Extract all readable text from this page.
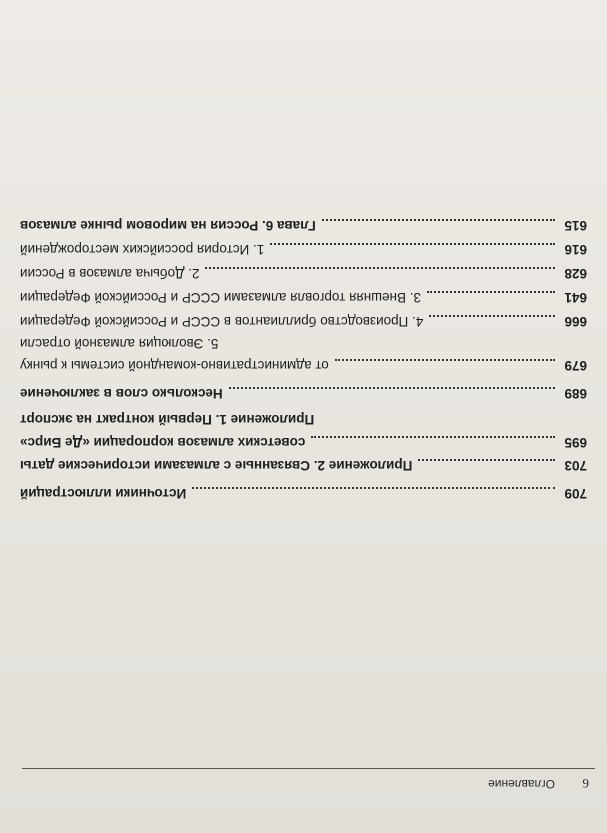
6
Оглавление
Глава 6. Россия на мировом рынке алмазов	615
1. История российских месторождений	616
2. Добыча алмазов в России	628
3. Внешняя торговля алмазами СССР и Российской Федерации	641
4. Производство бриллиантов в СССР и Российской Федерации	666
5. Эволюция алмазной отрасли
от административно-командной системы к рынку	679
Несколько слов в заключение	689
Приложение 1. Первый контракт на экспорт
советских алмазов корпорации «Де Бирс»	695
Приложение 2. Связанные с алмазами исторические даты	703
Источники иллюстраций	709
